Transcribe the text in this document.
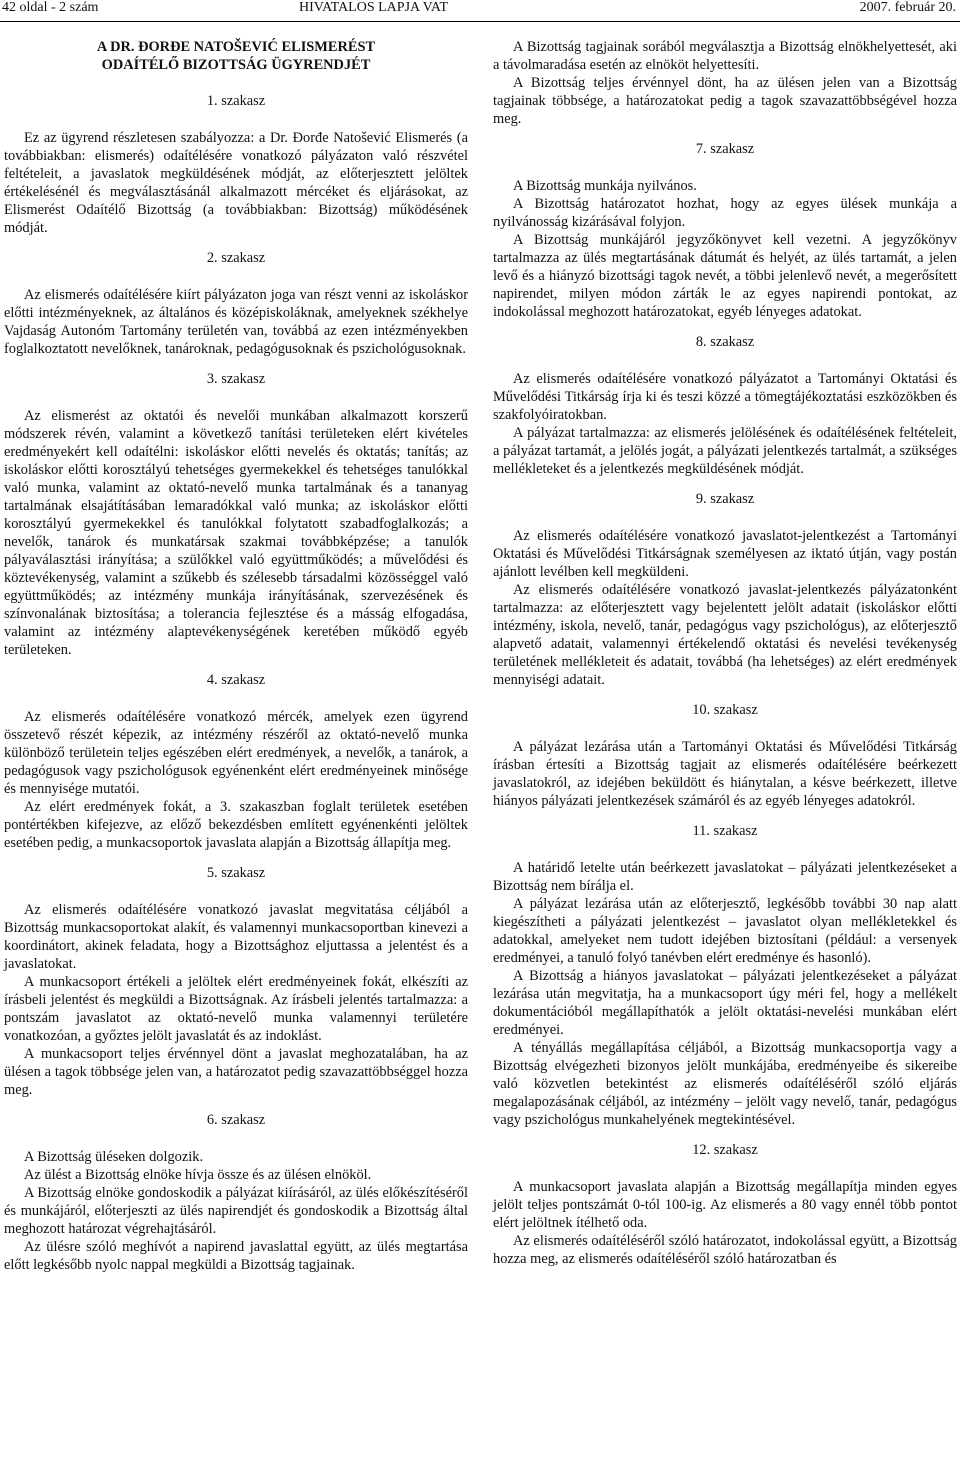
42 oldal - 2 szám	HIVATALOS LAPJA VAT	2007. február 20.
A DR. ĐORĐE NATOŠEVIĆ ELISMERÉST
ODAÍTÉLŐ BIZOTTSÁG ÜGYRENDJÉT
1. szakasz

Ez az ügyrend részletesen szabályozza: a Dr. Đorđe Natošević Elismerés (a továbbiakban: elismerés) odaítélésére vonatkozó pályázaton való részvétel feltételeit, a javaslatok megküldésének módját, az előterjesztett jelöltek értékelésénél és megválasztásánál alkalmazott mércéket és eljárásokat, az Elismerést Odaítélő Bizottság (a továbbiakban: Bizottság) működésének módját.

2. szakasz

Az elismerés odaítélésére kiírt pályázaton joga van részt venni az iskoláskor előtti intézményeknek, az általános és középiskoláknak, amelyeknek székhelye Vajdaság Autonóm Tartomány területén van, továbbá az ezen intézményekben foglalkoztatott nevelőknek, tanároknak, pedagógusoknak és pszichológusoknak.

3. szakasz

Az elismerést az oktatói és nevelői munkában alkalmazott korszerű módszerek révén, valamint a következő tanítási területeken elért kivételes eredményekért kell odaítélni: iskoláskor előtti nevelés és oktatás; tanítás; az iskoláskor előtti korosztályú tehetséges gyermekekkel és tehetséges tanulókkal való munka, valamint az oktató-nevelő munka tartalmának és a tananyag tartalmának elsajátításában lemaradókkal való munka; az iskoláskor előtti korosztályú gyermekekkel és tanulókkal folytatott szabadfoglalkozás; a nevelők, tanárok és munkatársak szakmai továbbképzése; a tanulók pályaválasztási irányítása; a szülőkkel való együttműködés; a művelődési és köztevékenység, valamint a szűkebb és szélesebb társadalmi közösséggel való együttműködés; az intézmény munkája irányításának, szervezésének és színvonalának biztosítása; a tolerancia fejlesztése és a másság elfogadása, valamint az intézmény alaptevékenységének keretében működő egyéb területeken.

4. szakasz

Az elismerés odaítélésére vonatkozó mércék, amelyek ezen ügyrend összetevő részét képezik, az intézmény részéről az oktató-nevelő munka különböző területein teljes egészében elért eredmények, a nevelők, a tanárok, a pedagógusok vagy pszichológusok egyénenként elért eredményeinek minősége és mennyisége mutatói.

Az elért eredmények fokát, a 3. szakaszban foglalt területek esetében pontértékben kifejezve, az előző bekezdésben említett egyénenkénti jelöltek esetében pedig, a munkacsoportok javaslata alapján a Bizottság állapítja meg.

5. szakasz

Az elismerés odaítélésére vonatkozó javaslat megvitatása céljából a Bizottság munkacsoportokat alakít, és valamennyi munkacsoportban kinevezi a koordinátort, akinek feladata, hogy a Bizottsághoz eljuttassa a jelentést és a javaslatokat.

A munkacsoport értékeli a jelöltek elért eredményeinek fokát, elkészíti az írásbeli jelentést és megküldi a Bizottságnak. Az írásbeli jelentés tartalmazza: a pontszám javaslatot az oktató-nevelő munka valamennyi területére vonatkozóan, a győztes jelölt javaslatát és az indoklást.

A munkacsoport teljes érvénnyel dönt a javaslat meghozatalában, ha az ülésen a tagok többsége jelen van, a határozatot pedig szavazattöbbséggel hozza meg.

6. szakasz

A Bizottság üléseken dolgozik.

Az ülést a Bizottság elnöke hívja össze és az ülésen elnököl.

A Bizottság elnöke gondoskodik a pályázat kiírásáról, az ülés előkészítéséről és munkájáról, előterjeszti az ülés napirendjét és gondoskodik a Bizottság által meghozott határozat végrehajtásáról.

Az ülésre szóló meghívót a napirend javaslattal együtt, az ülés megtartása előtt legkésőbb nyolc nappal megküldi a Bizottság tagjainak.

A Bizottság tagjainak sorából megválasztja a Bizottság elnökhelyettesét, aki a távolmaradása esetén az elnököt helyettesíti.

A Bizottság teljes érvénnyel dönt, ha az ülésen jelen van a Bizottság tagjainak többsége, a határozatokat pedig a tagok szavazattöbbségével hozza meg.

7. szakasz

A Bizottság munkája nyilvános.

A Bizottság határozatot hozhat, hogy az egyes ülések munkája a nyilvánosság kizárásával folyjon.

A Bizottság munkájáról jegyzőkönyvet kell vezetni. A jegyzőkönyv tartalmazza az ülés megtartásának dátumát és helyét, az ülés tartamát, a jelen levő és a hiányzó bizottsági tagok nevét, a többi jelenlevő nevét, a megerősített napirendet, milyen módon zárták le az egyes napirendi pontokat, az indokolással meghozott határozatokat, egyéb lényeges adatokat.

8. szakasz

Az elismerés odaítélésére vonatkozó pályázatot a Tartományi Oktatási és Művelődési Titkárság írja ki és teszi közzé a tömegtájékoztatási eszközökben és szakfolyóiratokban.

A pályázat tartalmazza: az elismerés jelölésének és odaítélésének feltételeit, a pályázat tartamát, a jelölés jogát, a pályázati jelentkezés tartalmát, a szükséges mellékleteket és a jelentkezés megküldésének módját.

9. szakasz

Az elismerés odaítélésére vonatkozó javaslatot-jelentkezést a Tartományi Oktatási és Művelődési Titkárságnak személyesen az iktató útján, vagy postán ajánlott levélben kell megküldeni.

Az elismerés odaítélésére vonatkozó javaslat-jelentkezés pályázatonként tartalmazza: az előterjesztett vagy bejelentett jelölt adatait (iskoláskor előtti intézmény, iskola, nevelő, tanár, pedagógus vagy pszichológus), az előterjesztő alapvető adatait, valamennyi értékelendő oktatási és nevelési tevékenység területének mellékleteit és adatait, továbbá (ha lehetséges) az elért eredmények mennyiségi adatait.

10. szakasz

A pályázat lezárása után a Tartományi Oktatási és Művelődési Titkárság írásban értesíti a Bizottság tagjait az elismerés odaítélésére beérkezett javaslatokról, az idejében beküldött és hiánytalan, a késve beérkezett, illetve hiányos pályázati jelentkezések számáról és az egyéb lényeges adatokról.

11. szakasz

A határidő letelte után beérkezett javaslatokat – pályázati jelentkezéseket a Bizottság nem bírálja el.

A pályázat lezárása után az előterjesztő, legkésőbb további 30 nap alatt kiegészítheti a pályázati jelentkezést – javaslatot olyan mellékletekkel és adatokkal, amelyeket nem tudott idejében biztosítani (például: a versenyek eredményei, a tanuló folyó tanévben elért eredménye és hasonló).

A Bizottság a hiányos javaslatokat – pályázati jelentkezéseket a pályázat lezárása után megvitatja, ha a munkacsoport úgy méri fel, hogy a mellékelt dokumentációból megállapíthatók a jelölt oktatási-nevelési munkában elért eredményei.

A tényállás megállapítása céljából, a Bizottság munkacsoportja vagy a Bizottság elvégezheti bizonyos jelölt munkájába, eredményeibe és sikereibe való közvetlen betekintést az elismerés odaítéléséről szóló eljárás megalapozásának céljából, az intézmény – jelölt vagy nevelő, tanár, pedagógus vagy pszichológus munkahelyének megtekintésével.

12. szakasz

A munkacsoport javaslata alapján a Bizottság megállapítja minden egyes jelölt teljes pontszámát 0-tól 100-ig. Az elismerés a 80 vagy ennél több pontot elért jelöltnek ítélhető oda.

Az elismerés odaítéléséről szóló határozatot, indokolással együtt, a Bizottság hozza meg, az elismerés odaítéléséről szóló határozatban és
